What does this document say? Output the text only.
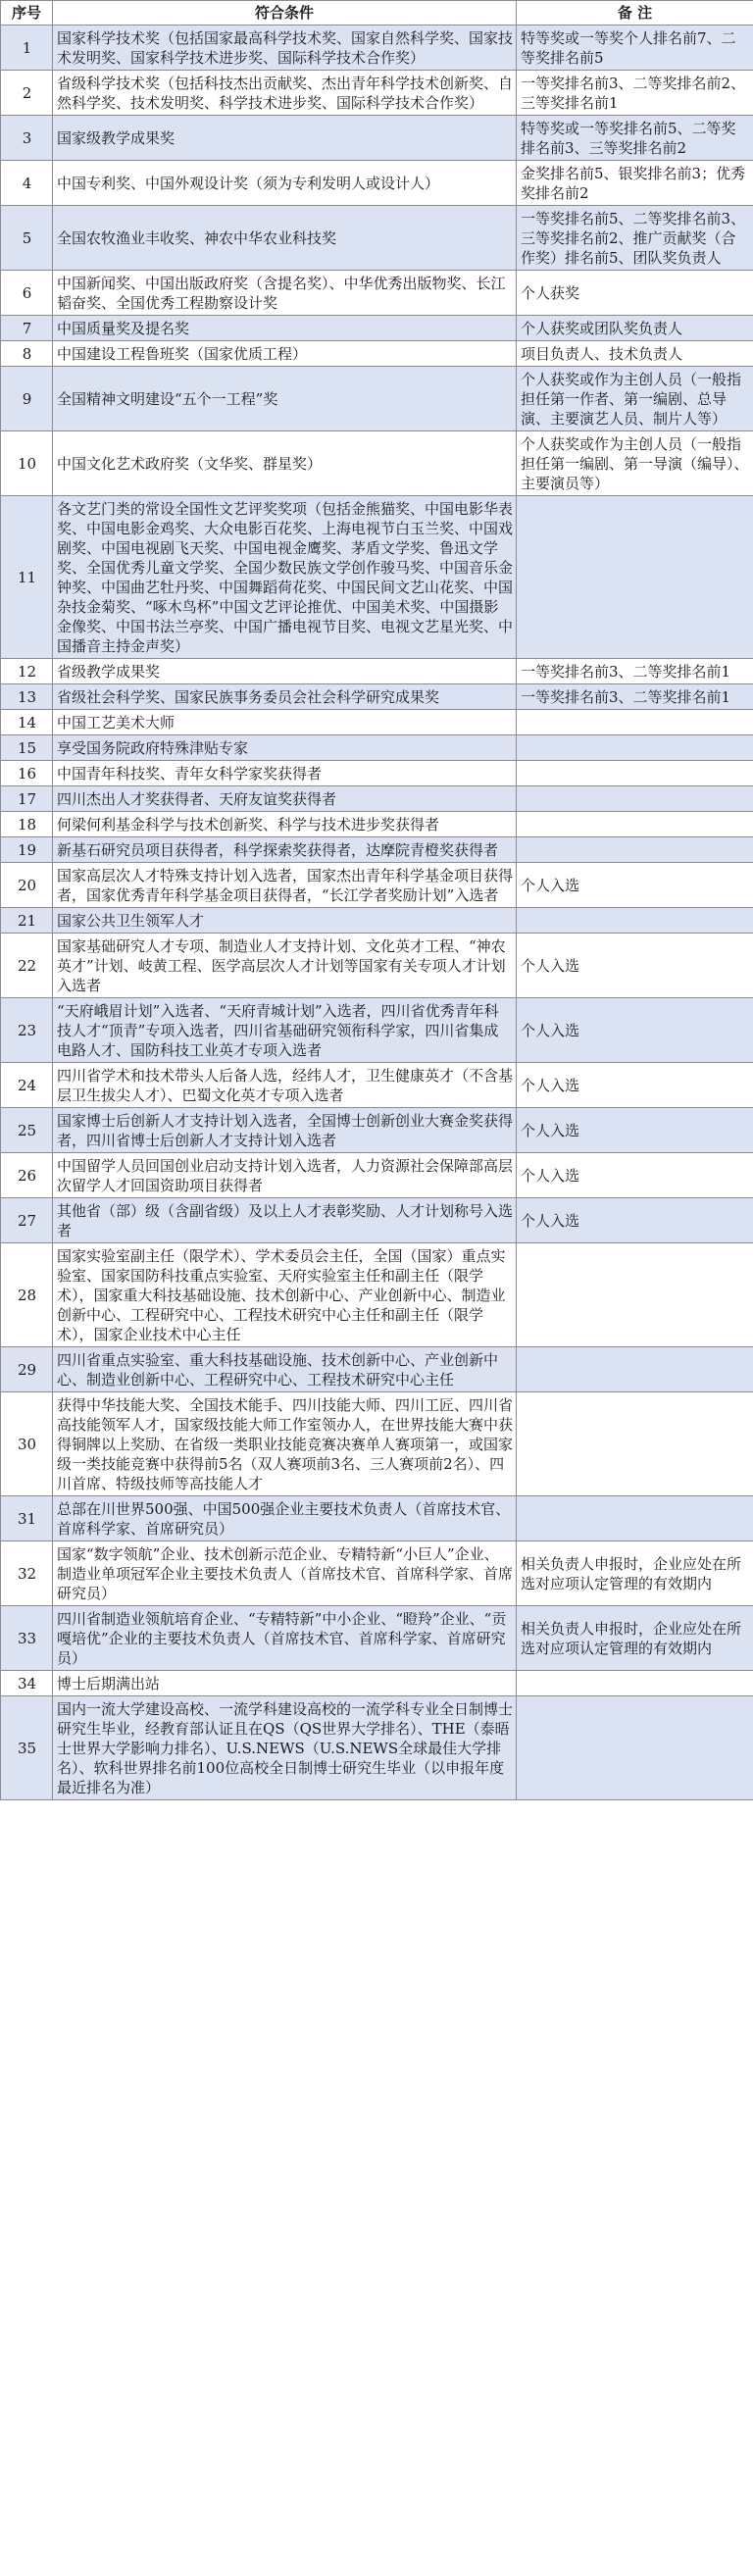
序号	符合条件	备 注
1	国家科学技术奖（包括国家最高科学技术奖、国家自然科学奖、国家技术发明奖、国家科学技术进步奖、国际科学技术合作奖）	特等奖或一等奖个人排名前7、二等奖排名前5
2	省级科学技术奖（包括科技杰出贡献奖、杰出青年科学技术创新奖、自然科学奖、技术发明奖、科学技术进步奖、国际科学技术合作奖）	一等奖排名前3、二等奖排名前2、三等奖排名前1
3	国家级教学成果奖	特等奖或一等奖排名前5、二等奖排名前3、三等奖排名前2
4	中国专利奖、中国外观设计奖（须为专利发明人或设计人）	金奖排名前5、银奖排名前3；优秀奖排名前2
5	全国农牧渔业丰收奖、神农中华农业科技奖	一等奖排名前5、二等奖排名前3、三等奖排名前2、推广贡献奖（合作奖）排名前5、团队奖负责人
6	中国新闻奖、中国出版政府奖（含提名奖）、中华优秀出版物奖、长江韬奋奖、全国优秀工程勘察设计奖	个人获奖
7	中国质量奖及提名奖	个人获奖或团队奖负责人
8	中国建设工程鲁班奖（国家优质工程）	项目负责人、技术负责人
9	全国精神文明建设“五个一工程”奖	个人获奖或作为主创人员（一般指担任第一作者、第一编剧、总导演、主要演艺人员、制片人等）
10	中国文化艺术政府奖（文华奖、群星奖）	个人获奖或作为主创人员（一般指担任第一编剧、第一导演（编导）、主要演员等）
11	各文艺门类的常设全国性文艺评奖奖项（包括金熊猫奖、中国电影华表奖、中国电影金鸡奖、大众电影百花奖、上海电视节白玉兰奖、中国戏剧奖、中国电视剧飞天奖、中国电视金鹰奖、茅盾文学奖、鲁迅文学奖、全国优秀儿童文学奖、全国少数民族文学创作骏马奖、中国音乐金钟奖、中国曲艺牡丹奖、中国舞蹈荷花奖、中国民间文艺山花奖、中国杂技金菊奖、“啄木鸟杯”中国文艺评论推优、中国美术奖、中国摄影金像奖、中国书法兰亭奖、中国广播电视节目奖、电视文艺星光奖、中国播音主持金声奖）	
12	省级教学成果奖	一等奖排名前3、二等奖排名前1
13	省级社会科学奖、国家民族事务委员会社会科学研究成果奖	一等奖排名前3、二等奖排名前1
14	中国工艺美术大师	
15	享受国务院政府特殊津贴专家	
16	中国青年科技奖、青年女科学家奖获得者	
17	四川杰出人才奖获得者、天府友谊奖获得者	
18	何梁何利基金科学与技术创新奖、科学与技术进步奖获得者	
19	新基石研究员项目获得者，科学探索奖获得者，达摩院青橙奖获得者	
20	国家高层次人才特殊支持计划入选者，国家杰出青年科学基金项目获得者，国家优秀青年科学基金项目获得者，“长江学者奖励计划”入选者	个人入选
21	国家公共卫生领军人才	
22	国家基础研究人才专项、制造业人才支持计划、文化英才工程、“神农英才”计划、岐黄工程、医学高层次人才计划等国家有关专项人才计划入选者	个人入选
23	“天府峨眉计划”入选者、“天府青城计划”入选者，四川省优秀青年科技人才“顶青”专项入选者，四川省基础研究领衔科学家，四川省集成电路人才、国防科技工业英才专项入选者	个人入选
24	四川省学术和技术带头人后备人选，经纬人才，卫生健康英才（不含基层卫生拔尖人才）、巴蜀文化英才专项入选者	个人入选
25	国家博士后创新人才支持计划入选者，全国博士创新创业大赛金奖获得者，四川省博士后创新人才支持计划入选者	个人入选
26	中国留学人员回国创业启动支持计划入选者，人力资源社会保障部高层次留学人才回国资助项目获得者	个人入选
27	其他省（部）级（含副省级）及以上人才表彰奖励、人才计划称号入选者	个人入选
28	国家实验室副主任（限学术）、学术委员会主任，全国（国家）重点实验室、国家国防科技重点实验室、天府实验室主任和副主任（限学术），国家重大科技基础设施、技术创新中心、产业创新中心、制造业创新中心、工程研究中心、工程技术研究中心主任和副主任（限学术），国家企业技术中心主任	
29	四川省重点实验室、重大科技基础设施、技术创新中心、产业创新中心、制造业创新中心、工程研究中心、工程技术研究中心主任	
30	获得中华技能大奖、全国技术能手、四川技能大师、四川工匠、四川省高技能领军人才，国家级技能大师工作室领办人，在世界技能大赛中获得铜牌以上奖励、在省级一类职业技能竞赛决赛单人赛项第一，或国家级一类技能竞赛中获得前5名（双人赛项前3名、三人赛项前2名）、四川首席、特级技师等高技能人才	
31	总部在川世界500强、中国500强企业主要技术负责人（首席技术官、首席科学家、首席研究员）	
32	国家“数字领航”企业、技术创新示范企业、专精特新“小巨人”企业、制造业单项冠军企业主要技术负责人（首席技术官、首席科学家、首席研究员）	相关负责人申报时，企业应处在所选对应项认定管理的有效期内
33	四川省制造业领航培育企业、“专精特新”中小企业、“瞪羚”企业、“贡嘎培优”企业的主要技术负责人（首席技术官、首席科学家、首席研究员）	相关负责人申报时，企业应处在所选对应项认定管理的有效期内
34	博士后期满出站	
35	国内一流大学建设高校、一流学科建设高校的一流学科专业全日制博士研究生毕业，经教育部认证且在QS（QS世界大学排名）、THE（泰晤士世界大学影响力排名）、U.S.NEWS（U.S.NEWS全球最佳大学排名）、软科世界排名前100位高校全日制博士研究生毕业（以申报年度最近排名为准）	
